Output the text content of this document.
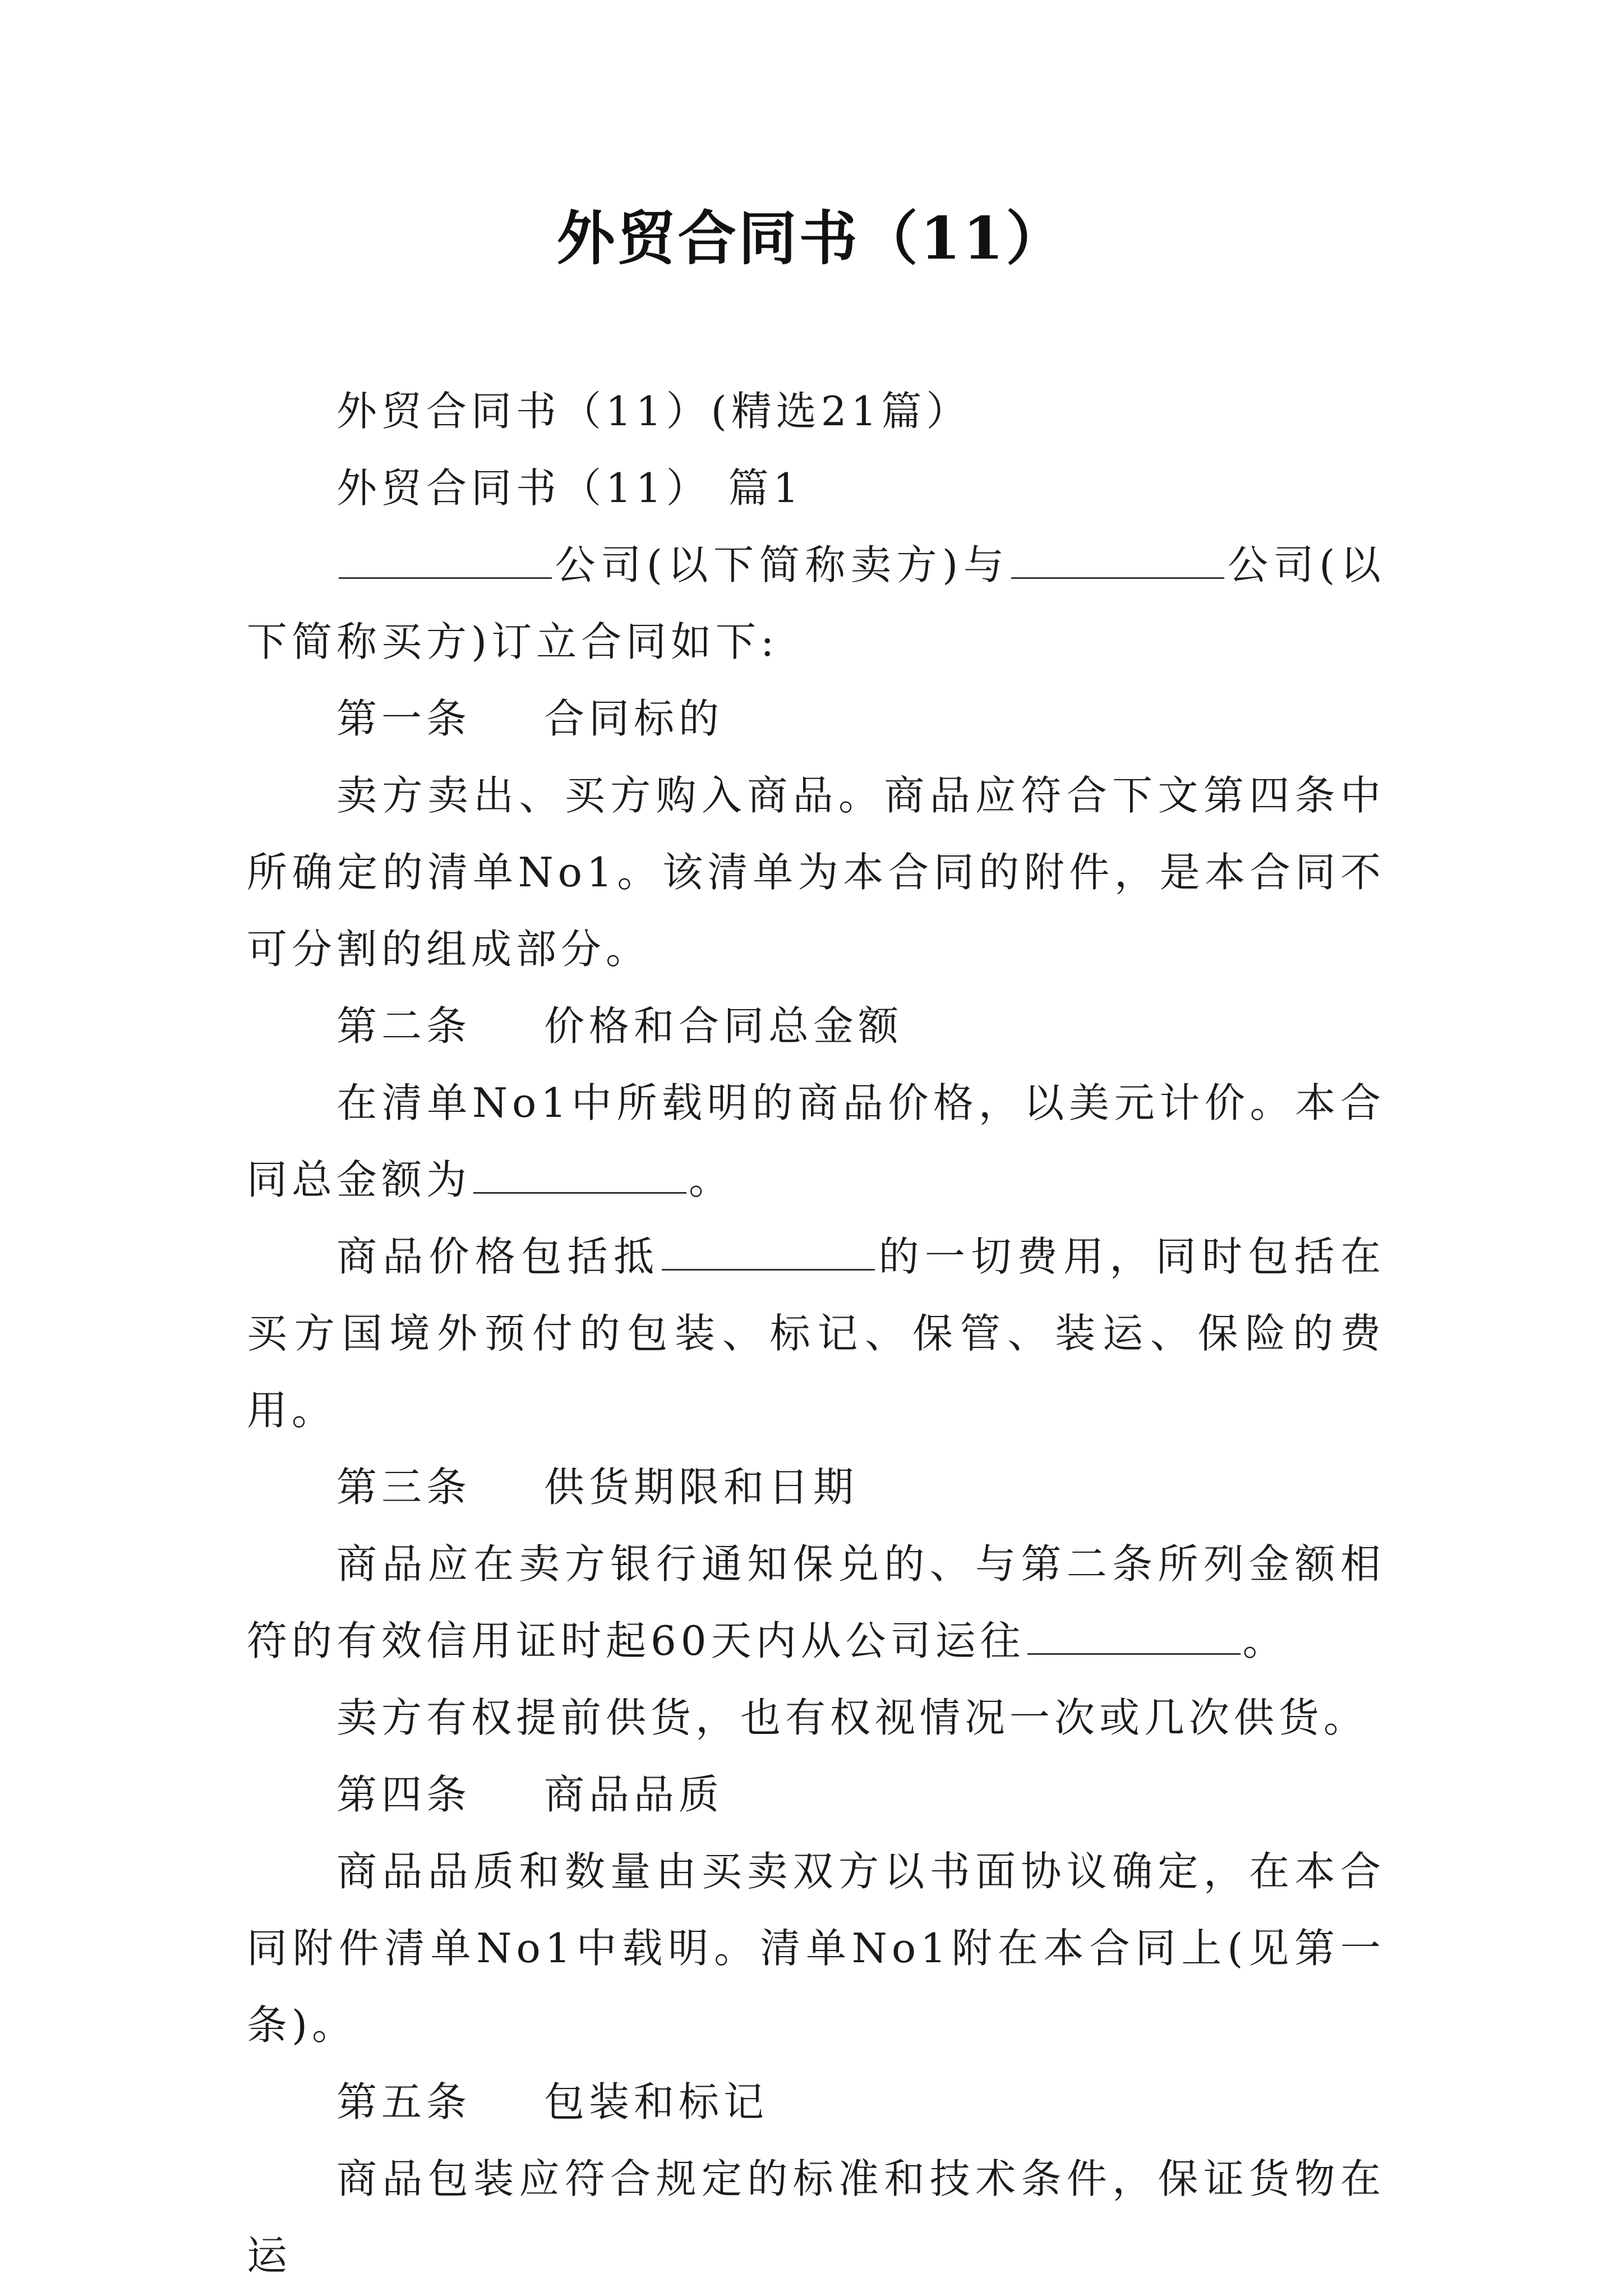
外贸合同书（11）

外贸合同书（11）(精选21篇）

外贸合同书（11） 篇1

公司(以下简称卖方)与	公司(以下简称买方)订立合同如下:

第一条 合同标的

卖方卖出、买方购入商品。商品应符合下文第四条中所确定的清单No1。该清单为本合同的附件，是本合同不可分割的组成部分。

第二条 价格和合同总金额

在清单No1中所载明的商品价格，以美元计价。本合同总金额为	。

商品价格包括抵	的一切费用，同时包括在买方国境外预付的包装、标记、保管、装运、保险的费用。

第三条 供货期限和日期

商品应在卖方银行通知保兑的、与第二条所列金额相符的有效信用证时起60天内从公司运往	。

卖方有权提前供货，也有权视情况一次或几次供货。

第四条 商品品质

商品品质和数量由买卖双方以书面协议确定，在本合同附件清单No1中载明。清单No1附在本合同上(见第一条)。

第五条 包装和标记

商品包装应符合规定的标准和技术条件，保证货物在运
